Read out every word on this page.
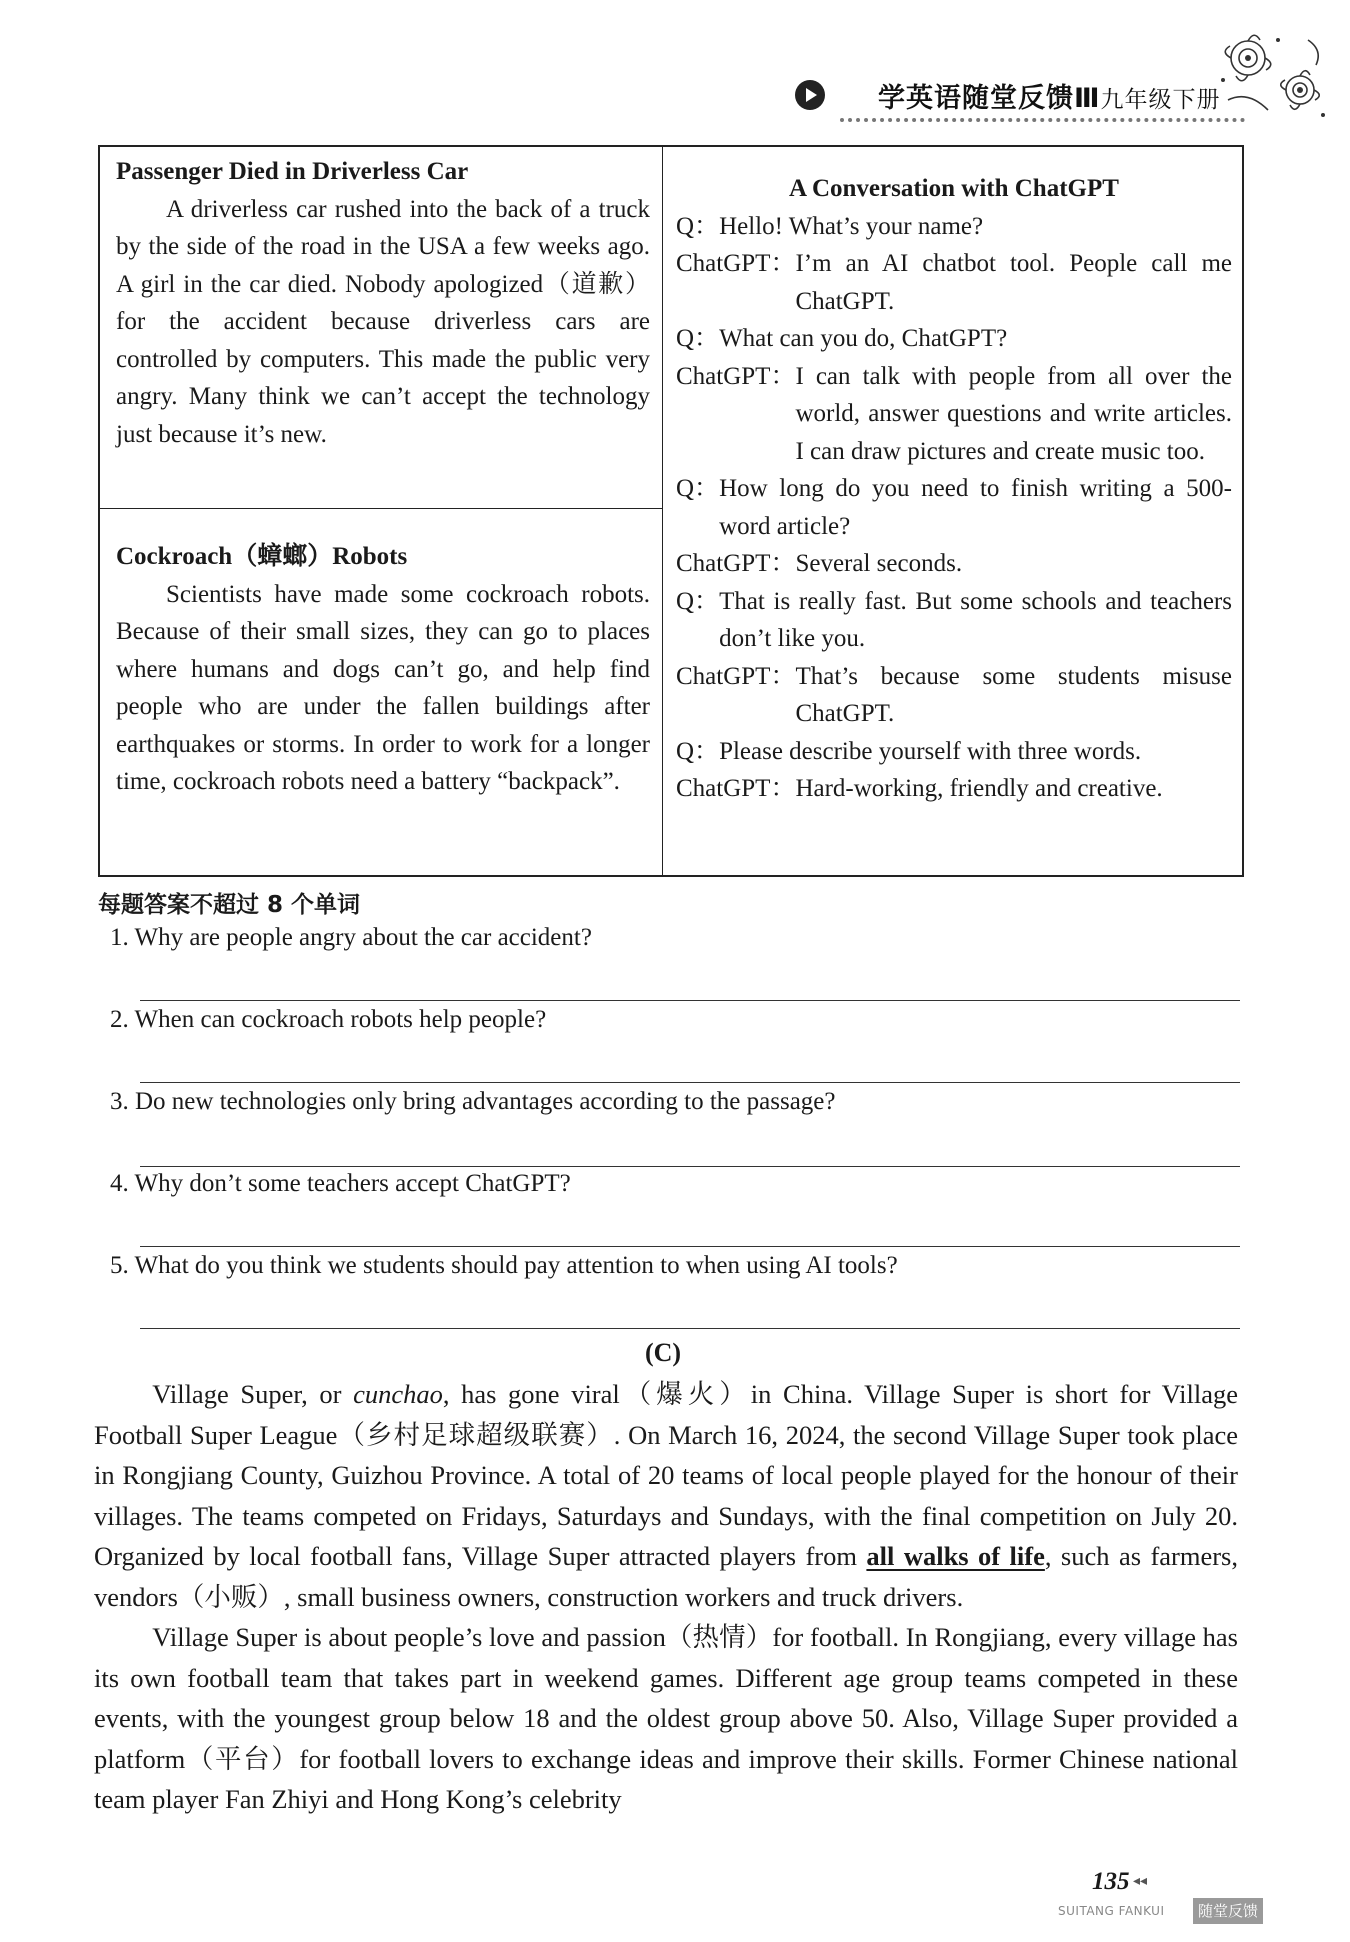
学英语随堂反馈Ⅲ九年级下册
Passenger Died in Driverless Car
A driverless car rushed into the back of a truck by the side of the road in the USA a few weeks ago. A girl in the car died. Nobody apologized（道歉）for the accident because driverless cars are controlled by computers. This made the public very angry. Many think we can’t accept the technology just because it’s new.
Cockroach（蟑螂）Robots
Scientists have made some cockroach robots. Because of their small sizes, they can go to places where humans and dogs can’t go, and help find people who are under the fallen buildings after earthquakes or storms. In order to work for a longer time, cockroach robots need a battery “backpack”.
A Conversation with ChatGPT
Q： Hello! What’s your name?
ChatGPT： I’m an AI chatbot tool. People call me ChatGPT.
Q： What can you do, ChatGPT?
ChatGPT： I can talk with people from all over the world, answer questions and write articles. I can draw pictures and create music too.
Q： How long do you need to finish writing a 500-word article?
ChatGPT： Several seconds.
Q： That is really fast. But some schools and teachers don’t like you.
ChatGPT： That’s because some students misuse ChatGPT.
Q： Please describe yourself with three words.
ChatGPT： Hard-working, friendly and creative.
每题答案不超过 8 个单词
1. Why are people angry about the car accident?
2. When can cockroach robots help people?
3. Do new technologies only bring advantages according to the passage?
4. Why don’t some teachers accept ChatGPT?
5. What do you think we students should pay attention to when using AI tools?
(C)

Village Super, or cunchao, has gone viral（爆火）in China. Village Super is short for Village Football Super League（乡村足球超级联赛）. On March 16, 2024, the second Village Super took place in Rongjiang County, Guizhou Province. A total of 20 teams of local people played for the honour of their villages. The teams competed on Fridays, Saturdays and Sundays, with the final competition on July 20. Organized by local football fans, Village Super attracted players from all walks of life, such as farmers, vendors（小贩）, small business owners, construction workers and truck drivers.

Village Super is about people’s love and passion（热情）for football. In Rongjiang, every village has its own football team that takes part in weekend games. Different age group teams competed in these events, with the youngest group below 18 and the oldest group above 50. Also, Village Super provided a platform（平台）for football lovers to exchange ideas and improve their skills. Former Chinese national team player Fan Zhiyi and Hong Kong’s celebrity

135 ◂◂
SUITANG FANKUI	随堂反馈
